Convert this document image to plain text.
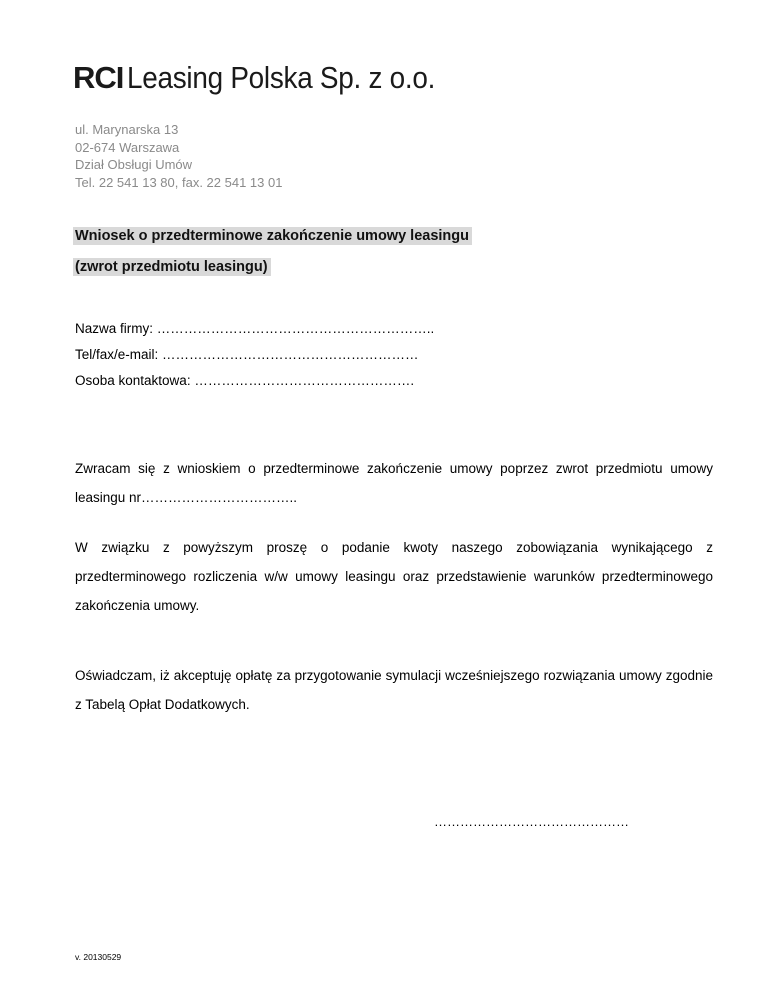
RCI Leasing Polska Sp. z o.o.
ul. Marynarska 13
02-674 Warszawa
Dział Obsługi Umów
Tel. 22 541 13 80, fax. 22 541 13 01
Wniosek o przedterminowe zakończenie umowy leasingu
(zwrot przedmiotu leasingu)
Nazwa firmy: ……………………………………………………..
Tel/fax/e-mail: …………………………………………………
Osoba kontaktowa: ………………………………………….
Zwracam się z wnioskiem o przedterminowe zakończenie umowy poprzez zwrot przedmiotu umowy leasingu nr……………………………..
W związku z powyższym proszę o podanie kwoty naszego zobowiązania wynikającego z przedterminowego rozliczenia w/w umowy leasingu oraz przedstawienie warunków przedterminowego zakończenia umowy.
Oświadczam, iż akceptuję opłatę za przygotowanie symulacji wcześniejszego rozwiązania umowy zgodnie z Tabelą Opłat Dodatkowych.
………………………………………
v. 20130529
